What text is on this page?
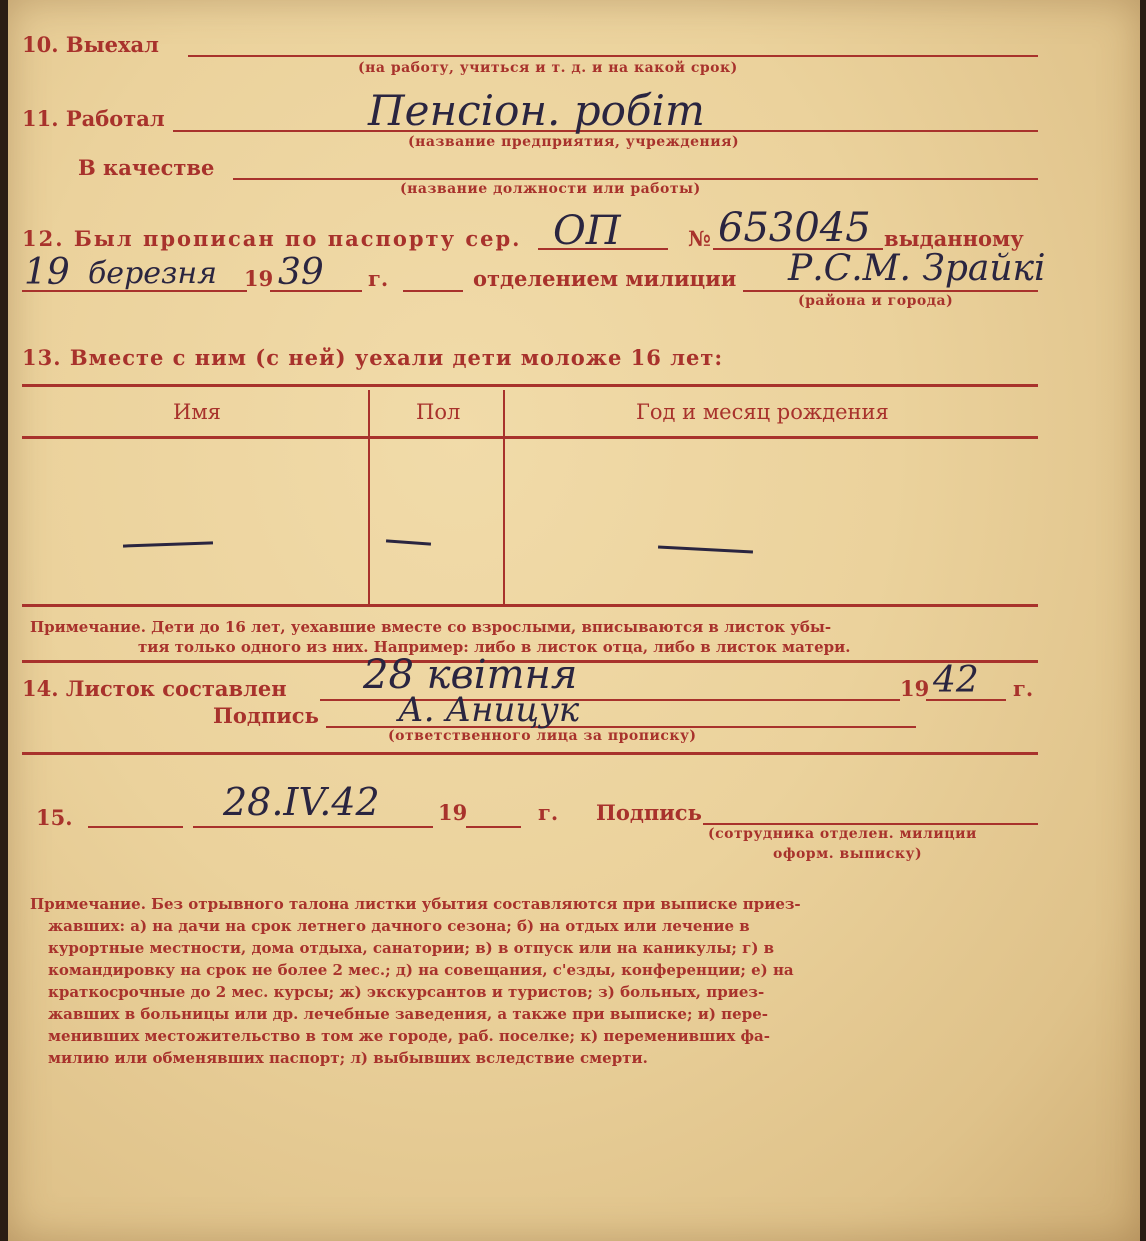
10. Выехал
(на работу, учиться и т. д. и на какой срок)
11. Работал	Пенсіон. робіт
(название предприятия, учреждения)
В качестве
(название должности или работы)
12. Был прописан по паспорту сер. ОП	№ 653045 выданному
19 березня 19 39 г.	отделением милиции Р.С.М. Зрайкі
(района и города)
13. Вместе с ним (с ней) уехали дети моложе 16 лет:
Имя	Пол	Год и месяц рождения
Примечание. Дети до 16 лет, уехавшие вместе со взрослыми, вписываются в листок убы-
тия только одного из них. Например: либо в листок отца, либо в листок матери.
14. Листок составлен 28 квітня	19 42 г.
Подпись А. Аницук
(ответственного лица за прописку)
15.	28.IV.42	19	г. Подпись
(сотрудника отделен. милиции
оформ. выписку)
Примечание. Без отрывного талона листки убытия составляются при выписке приез-
жавших: а) на дачи на срок летнего дачного сезона; б) на отдых или лечение в
курортные местности, дома отдыха, санатории; в) в отпуск или на каникулы; г) в
командировку на срок не более 2 мес.; д) на совещания, с'езды, конференции; е) на
краткосрочные до 2 мес. курсы; ж) экскурсантов и туристов; з) больных, приез-
жавших в больницы или др. лечебные заведения, а также при выписке; и) пере-
менивших местожительство в том же городе, раб. поселке; к) переменивших фа-
милию или обменявших паспорт; л) выбывших вследствие смерти.
